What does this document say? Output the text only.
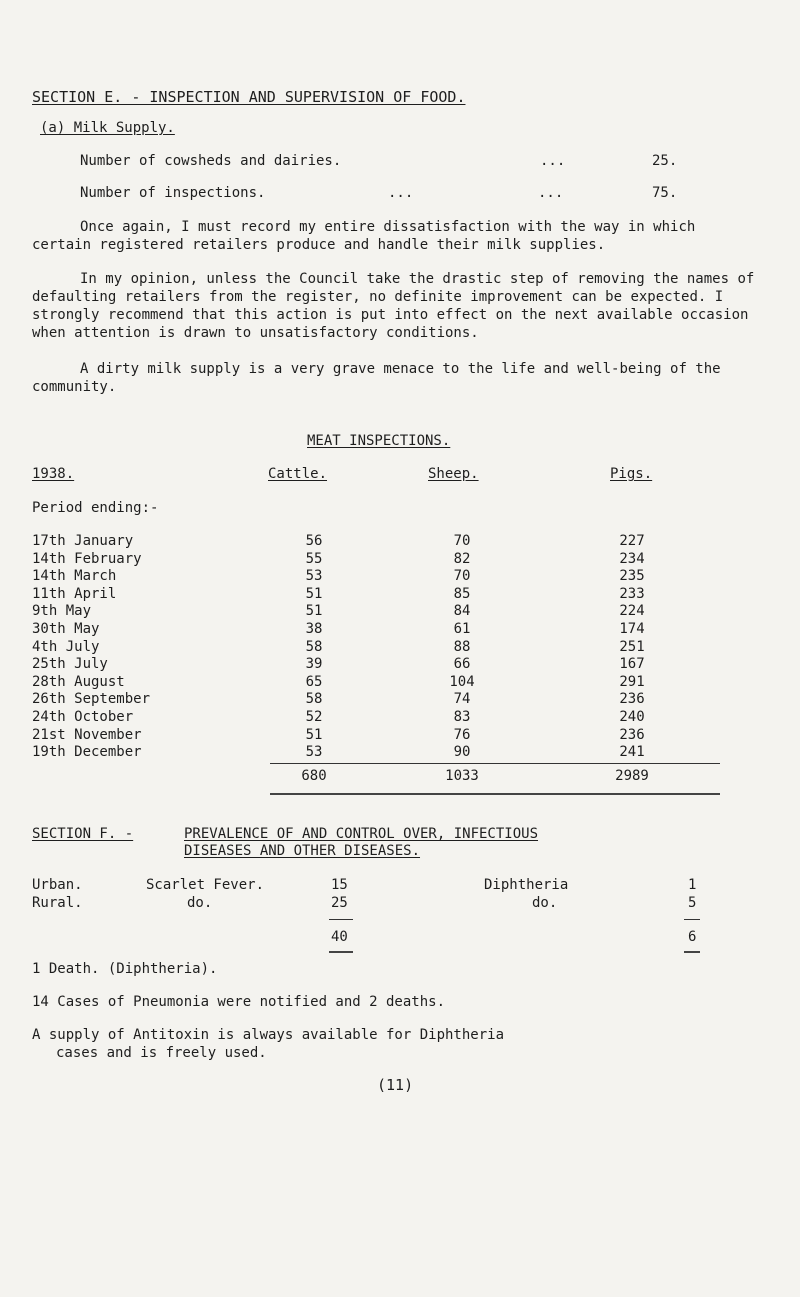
SECTION E. - INSPECTION AND SUPERVISION OF FOOD.
(a) Milk Supply.
Number of cowsheds and dairies.	...	25.
Number of inspections.	...	...	75.
Once again, I must record my entire dissatisfaction with the way in which certain registered retailers produce and handle their milk supplies.
In my opinion, unless the Council take the drastic step of removing the names of defaulting retailers from the register, no definite improvement can be expected. I strongly recommend that this action is put into effect on the next available occasion when attention is drawn to unsatisfactory conditions.
A dirty milk supply is a very grave menace to the life and well-being of the community.
MEAT INSPECTIONS.
1938.	Cattle.	Sheep.	Pigs.
Period ending:-
17th January	56	70	227
14th February	55	82	234
14th March	53	70	235
11th April	51	85	233
9th May	51	84	224
30th May	38	61	174
4th July	58	88	251
25th July	39	66	167
28th August	65	104	291
26th September	58	74	236
24th October	52	83	240
21st November	51	76	236
19th December	53	90	241
680	1033	2989
SECTION F. -	PREVALENCE OF AND CONTROL OVER, INFECTIOUS
DISEASES AND OTHER DISEASES.
Urban.	Scarlet Fever.	15	Diphtheria	1
Rural.	do.	25	do.	5
40	6
1 Death. (Diphtheria).
14 Cases of Pneumonia were notified and 2 deaths.
A supply of Antitoxin is always available for Diphtheria
cases and is freely used.
(11)
